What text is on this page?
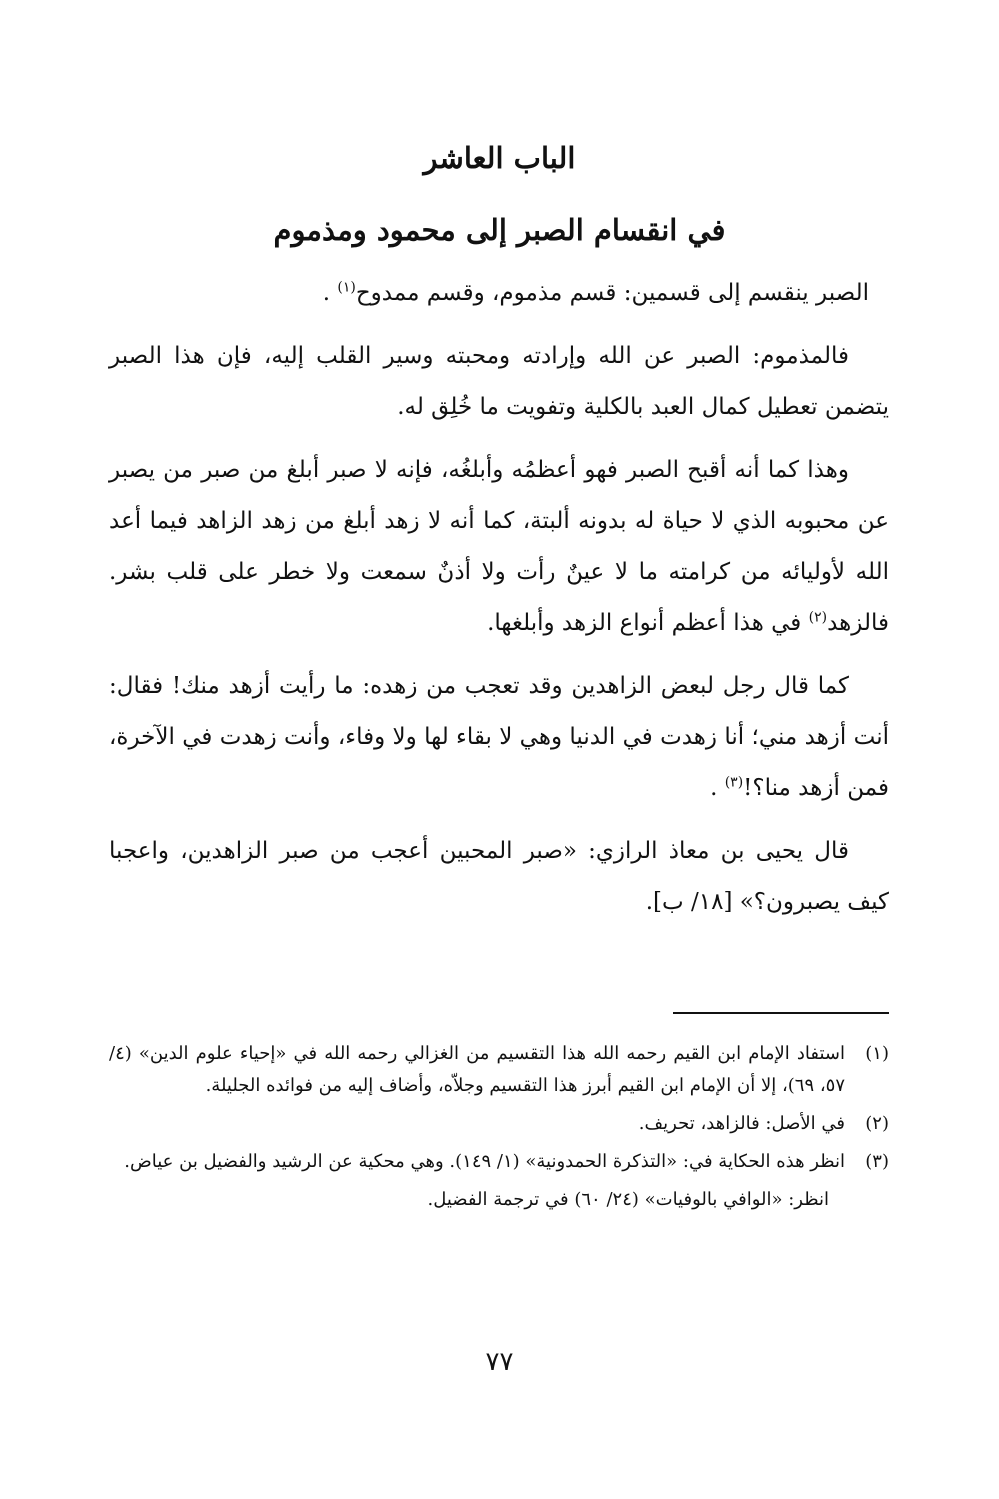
الباب العاشر
في انقسام الصبر إلى محمود ومذموم

الصبر ينقسم إلى قسمين: قسم مذموم، وقسم ممدوح$^{(١)}$ .

فالمذموم: الصبر عن الله وإرادته ومحبته وسير القلب إليه، فإن هذا الصبر يتضمن تعطيل كمال العبد بالكلية وتفويت ما خُلِق له.

وهذا كما أنه أقبح الصبر فهو أعظمُه وأبلغُه، فإنه لا صبر أبلغ من صبر من يصبر عن محبوبه الذي لا حياة له بدونه ألبتة، كما أنه لا زهد أبلغ من زهد الزاهد فيما أعد الله لأوليائه من كرامته ما لا عينٌ رأت ولا أذنٌ سمعت ولا خطر على قلب بشر. فالزهد$^{(٢)}$ في هذا أعظم أنواع الزهد وأبلغها.

كما قال رجل لبعض الزاهدين وقد تعجب من زهده: ما رأيت أزهد منك! فقال: أنت أزهد مني؛ أنا زهدت في الدنيا وهي لا بقاء لها ولا وفاء، وأنت زهدت في الآخرة، فمن أزهد منا؟!$^{(٣)}$ .

قال يحيى بن معاذ الرازي: «صبر المحبين أعجب من صبر الزاهدين، واعجبا كيف يصبرون؟» [١٨/ ب].

(١)
استفاد الإمام ابن القيم رحمه الله هذا التقسيم من الغزالي رحمه الله في «إحياء علوم الدين» (٤/ ٥٧، ٦٩)، إلا أن الإمام ابن القيم أبرز هذا التقسيم وجلاّه، وأضاف إليه من فوائده الجليلة.
(٢)
في الأصل: فالزاهد، تحريف.
(٣)
انظر هذه الحكاية في: «التذكرة الحمدونية» (١/ ١٤٩). وهي محكية عن الرشيد والفضيل بن عياض.
انظر: «الوافي بالوفيات» (٢٤/ ٦٠) في ترجمة الفضيل.
٧٧
